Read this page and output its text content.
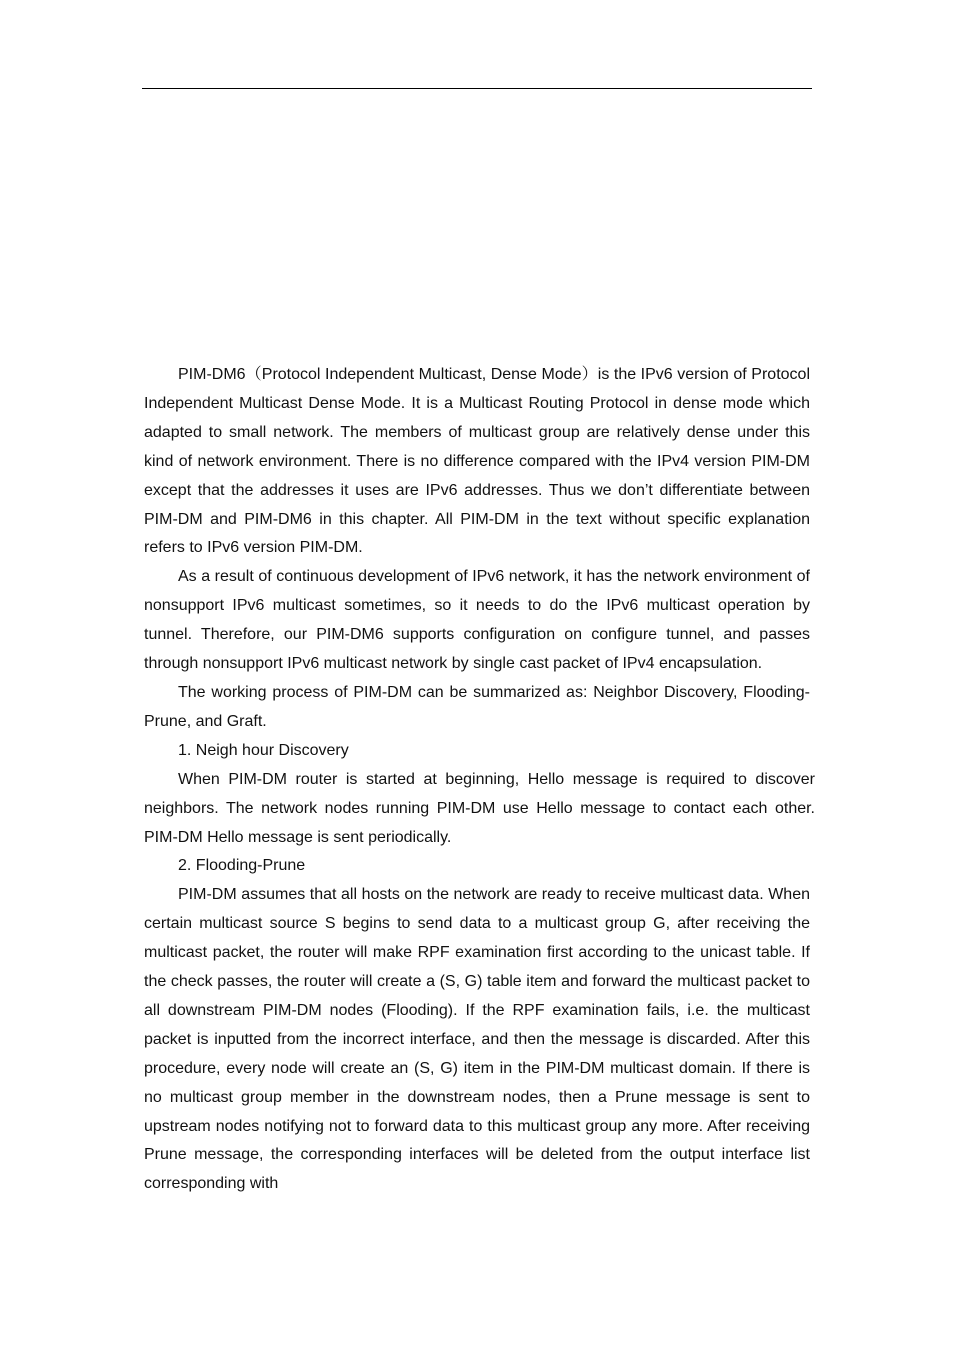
PIM-DM6（Protocol Independent Multicast, Dense Mode）is the IPv6 version of Protocol Independent Multicast Dense Mode. It is a Multicast Routing Protocol in dense mode which adapted to small network. The members of multicast group are relatively dense under this kind of network environment. There is no difference compared with the IPv4 version PIM-DM except that the addresses it uses are IPv6 addresses. Thus we don’t differentiate between PIM-DM and PIM-DM6 in this chapter. All PIM-DM in the text without specific explanation refers to IPv6 version PIM-DM.

As a result of continuous development of IPv6 network, it has the network environment of nonsupport IPv6 multicast sometimes, so it needs to do the IPv6 multicast operation by tunnel. Therefore, our PIM-DM6 supports configuration on configure tunnel, and passes through nonsupport IPv6 multicast network by single cast packet of IPv4 encapsulation.

The working process of PIM-DM can be summarized as: Neighbor Discovery, Flooding-Prune, and Graft.

1. Neigh hour Discovery

When PIM-DM router is started at beginning, Hello message is required to discover neighbors. The network nodes running PIM-DM use Hello message to contact each other. PIM-DM Hello message is sent periodically.

2. Flooding-Prune

PIM-DM assumes that all hosts on the network are ready to receive multicast data. When certain multicast source S begins to send data to a multicast group G, after receiving the multicast packet, the router will make RPF examination first according to the unicast table. If the check passes, the router will create a (S, G) table item and forward the multicast packet to all downstream PIM-DM nodes (Flooding). If the RPF examination fails, i.e. the multicast packet is inputted from the incorrect interface, and then the message is discarded. After this procedure, every node will create an (S, G) item in the PIM-DM multicast domain. If there is no multicast group member in the downstream nodes, then a Prune message is sent to upstream nodes notifying not to forward data to this multicast group any more. After receiving Prune message, the corresponding interfaces will be deleted from the output interface list corresponding with
